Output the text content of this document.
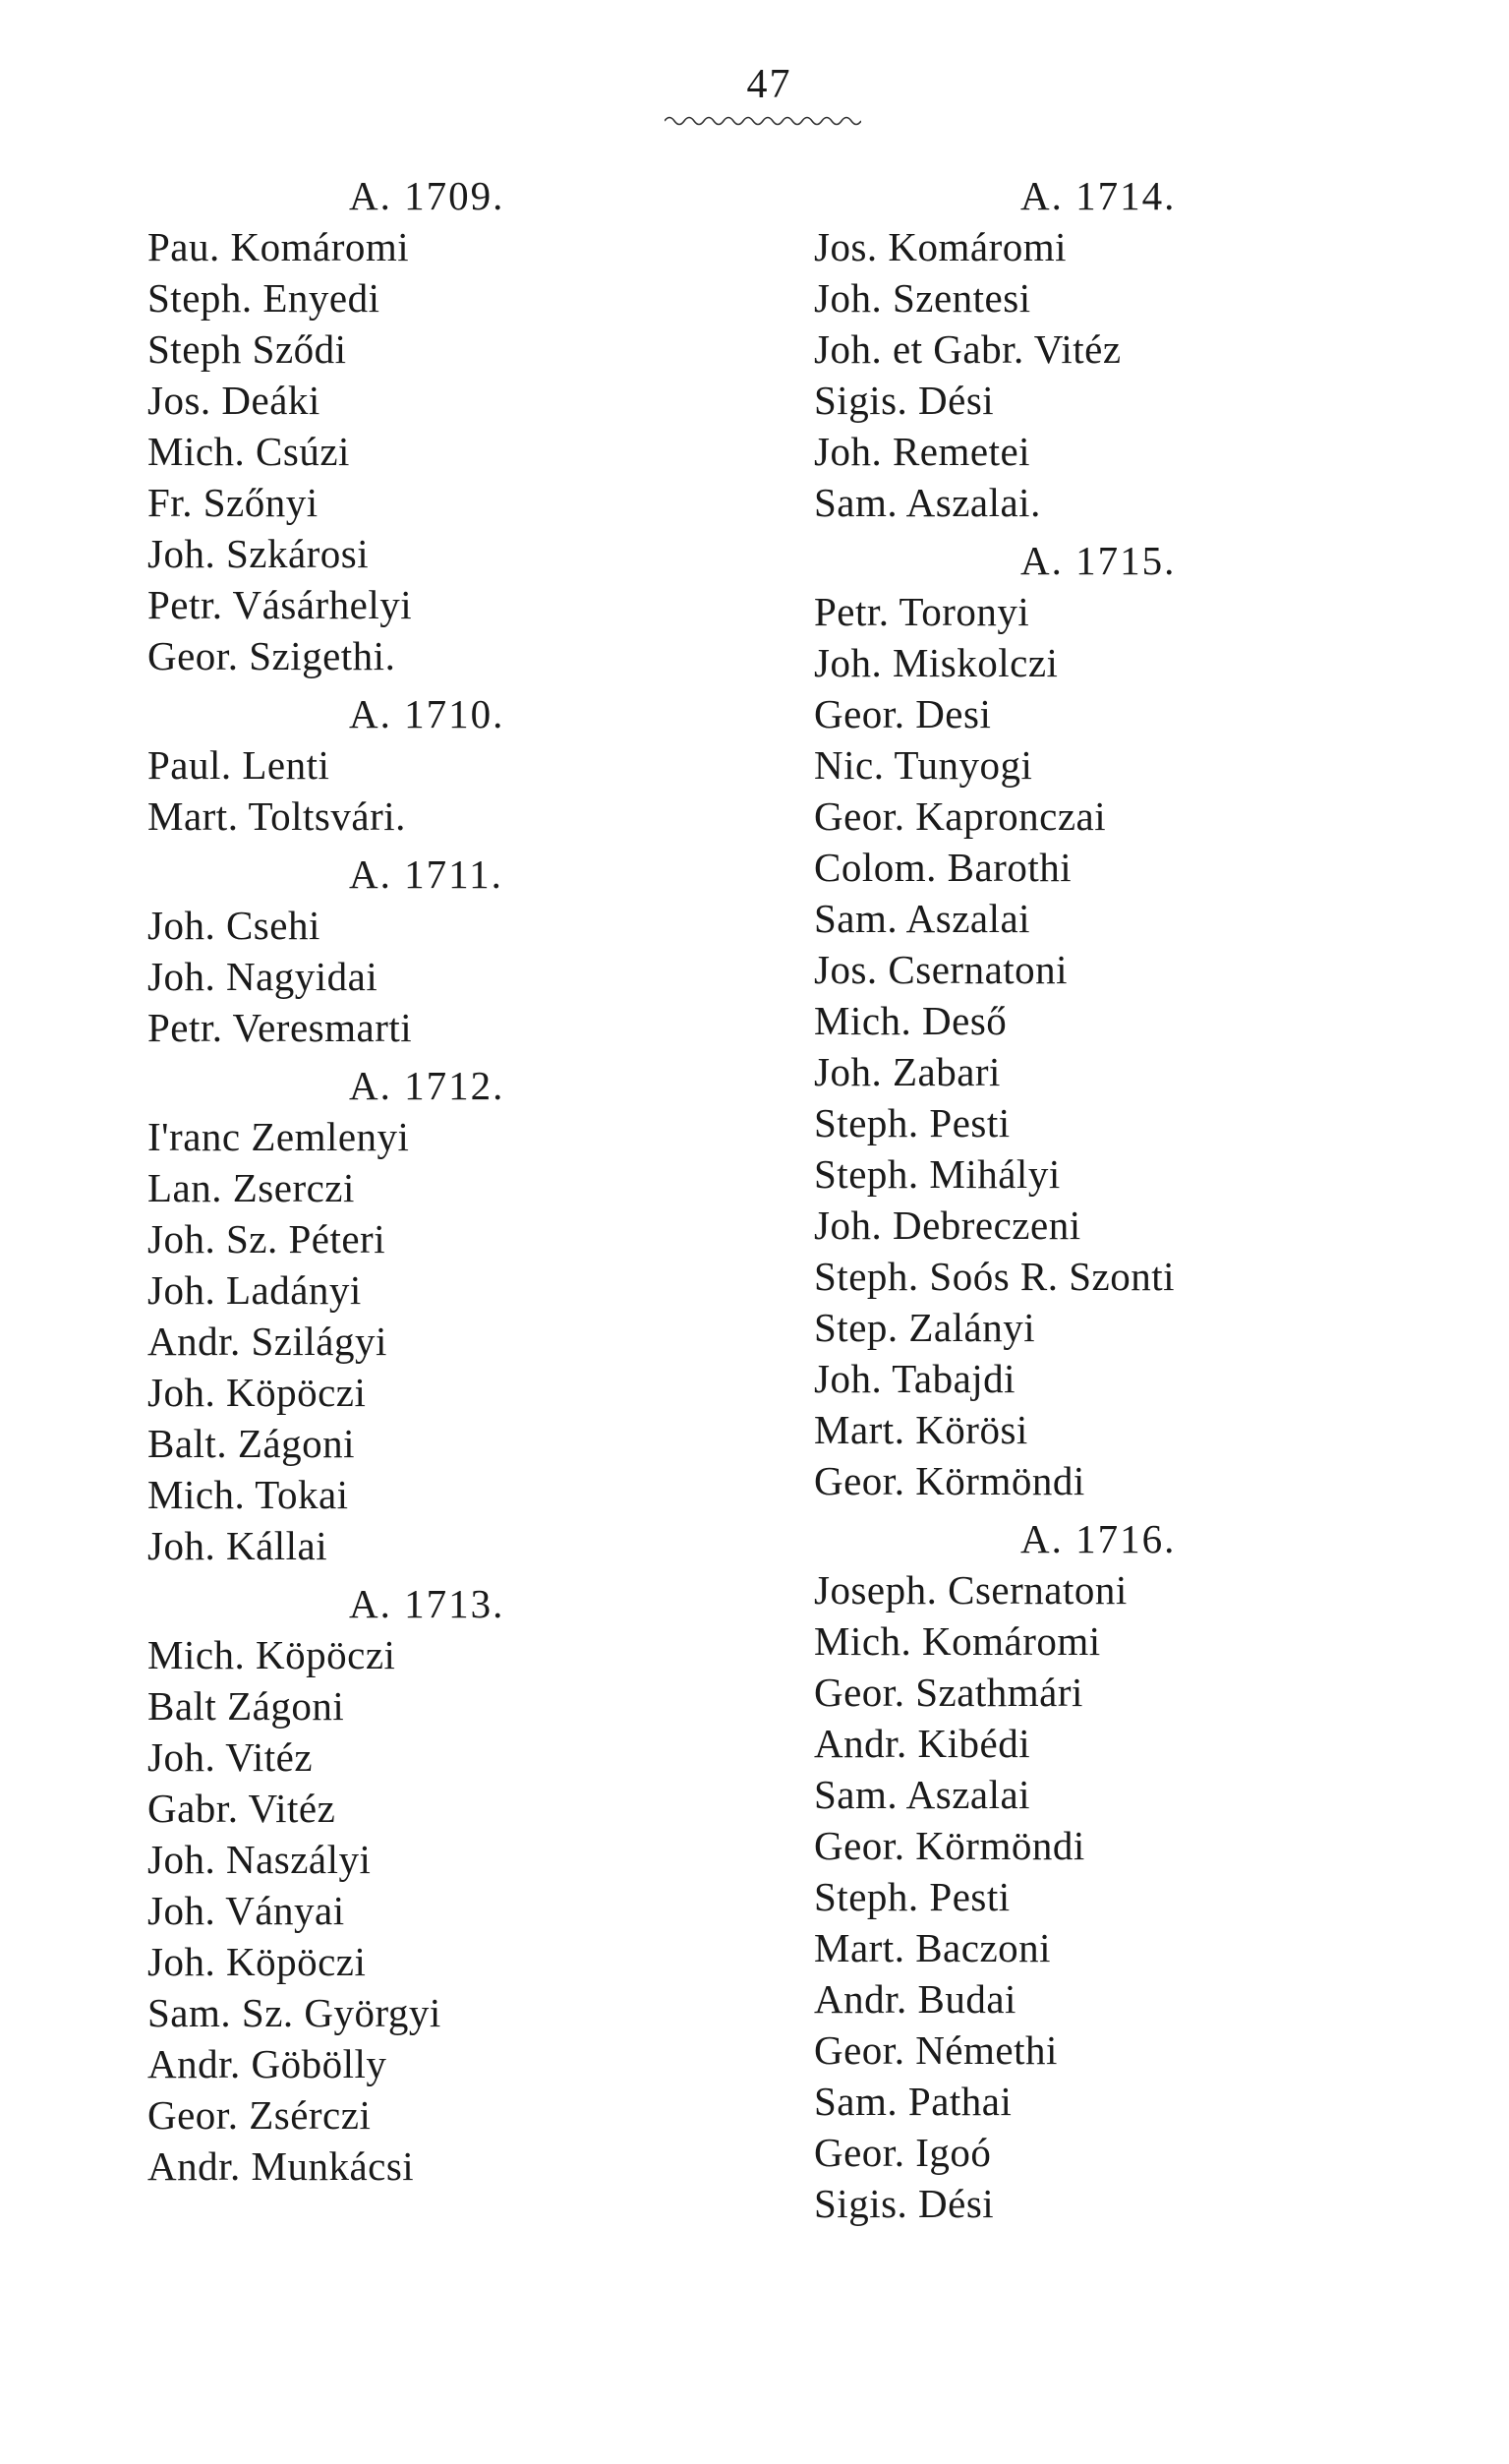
47
A. 1709.
Pau. Komáromi
Steph. Enyedi
Steph Sződi
Jos. Deáki
Mich. Csúzi
Fr. Szőnyi
Joh. Szkárosi
Petr. Vásárhelyi
Geor. Szigethi.
A. 1710.
Paul. Lenti
Mart. Toltsvári.
A. 1711.
Joh. Csehi
Joh. Nagyidai
Petr. Veresmarti
A. 1712.
I'ranc Zemlenyi
Lan. Zserczi
Joh. Sz. Péteri
Joh. Ladányi
Andr. Szilágyi
Joh. Köpöczi
Balt. Zágoni
Mich. Tokai
Joh. Kállai
A. 1713.
Mich. Köpöczi
Balt Zágoni
Joh. Vitéz
Gabr. Vitéz
Joh. Naszályi
Joh. Ványai
Joh. Köpöczi
Sam. Sz. Györgyi
Andr. Göbölly
Geor. Zsérczi
Andr. Munkácsi
A. 1714.
Jos. Komáromi
Joh. Szentesi
Joh. et Gabr. Vitéz
Sigis. Dési
Joh. Remetei
Sam. Aszalai.
A. 1715.
Petr. Toronyi
Joh. Miskolczi
Geor. Desi
Nic. Tunyogi
Geor. Kapronczai
Colom. Barothi
Sam. Aszalai
Jos. Csernatoni
Mich. Deső
Joh. Zabari
Steph. Pesti
Steph. Mihályi
Joh. Debreczeni
Steph. Soós R. Szonti
Step. Zalányi
Joh. Tabajdi
Mart. Körösi
Geor. Körmöndi
A. 1716.
Joseph. Csernatoni
Mich. Komáromi
Geor. Szathmári
Andr. Kibédi
Sam. Aszalai
Geor. Körmöndi
Steph. Pesti
Mart. Baczoni
Andr. Budai
Geor. Némethi
Sam. Pathai
Geor. Igoó
Sigis. Dési
